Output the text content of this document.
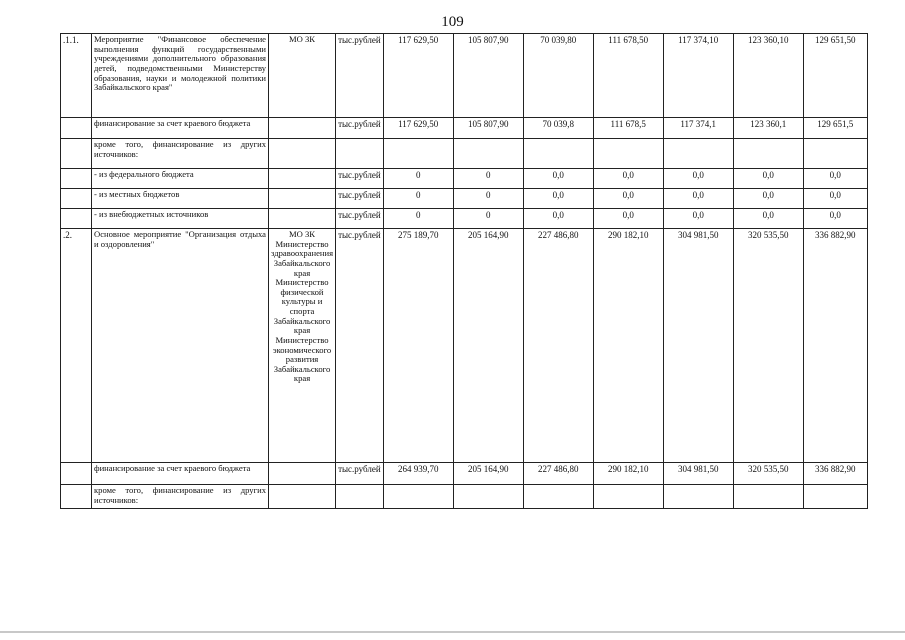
109
.1.1.	Мероприятие "Финансовое обеспечение выполнения функций государственными учреждениями дополнительного образования детей, подведомственными Министерству образования, науки и молодежной политики Забайкальского края"	МО ЗК	тыс.рублей	117 629,50	105 807,90	70 039,80	111 678,50	117 374,10	123 360,10	129 651,50
	финансирование за счет краевого бюджета		тыс.рублей	117 629,50	105 807,90	70 039,8	111 678,5	117 374,1	123 360,1	129 651,5
	кроме того, финансирование из других источников:									
	- из федерального бюджета		тыс.рублей	0	0	0,0	0,0	0,0	0,0	0,0
	- из местных бюджетов		тыс.рублей	0	0	0,0	0,0	0,0	0,0	0,0
	- из внебюджетных источников		тыс.рублей	0	0	0,0	0,0	0,0	0,0	0,0
.2.	Основное мероприятие "Организация отдыха и оздоровления"	МО ЗК Министерство здравоохранения Забайкальского края Министерство физической культуры и спорта Забайкальского края Министерство экономического развития Забайкальского края	тыс.рублей	275 189,70	205 164,90	227 486,80	290 182,10	304 981,50	320 535,50	336 882,90
	финансирование за счет краевого бюджета		тыс.рублей	264 939,70	205 164,90	227 486,80	290 182,10	304 981,50	320 535,50	336 882,90
	кроме того, финансирование из других источников:									
